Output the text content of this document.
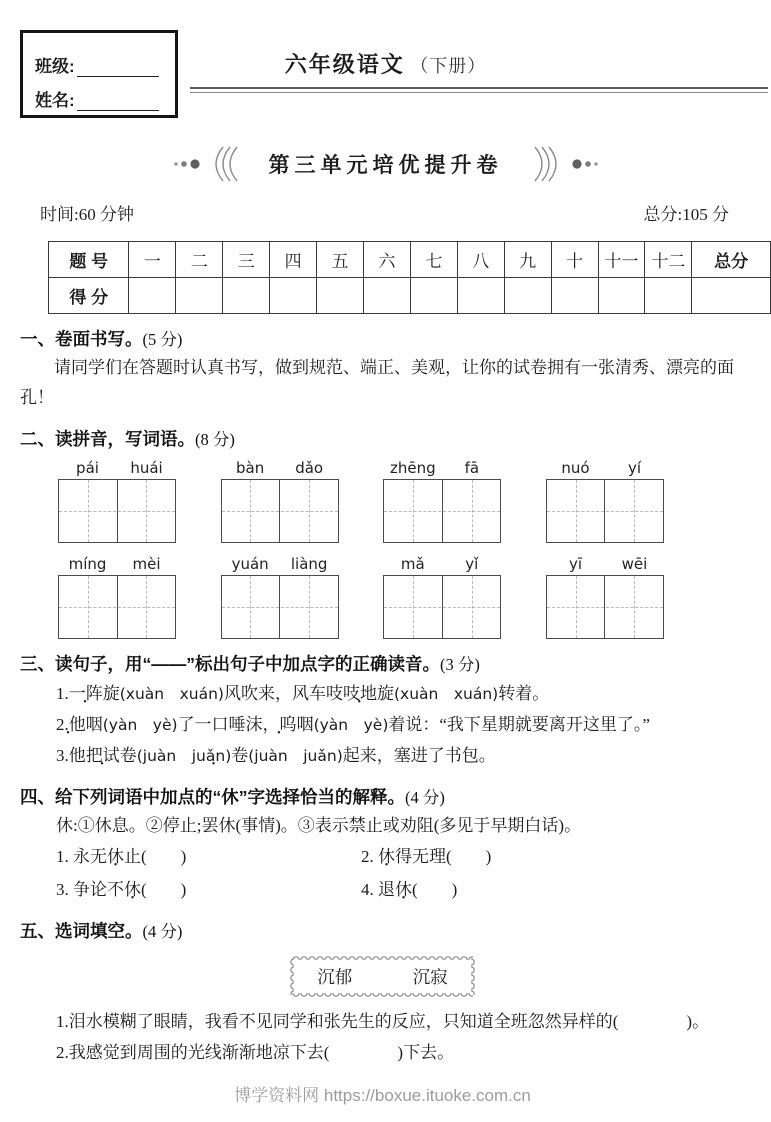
班级:
姓名:
六年级语文 （下册）
第三单元培优提升卷
时间:60 分钟	总分:105 分
题 号	一	二	三	四	五	六	七	八	九	十	十一	十二	总分
得 分													
一、卷面书写。(5 分)

请同学们在答题时认真书写，做到规范、端正、美观，让你的试卷拥有一张清秀、漂亮的面孔！

二、读拼音，写词语。(8 分)
pái	huái	bàn	dǎo	zhēng	fā	nuó	yí
míng	mèi	yuán	liàng	mǎ	yǐ	yī	wēi
三、读句子，用“——”标出句子中加点字的正确读音。(3 分)
1.一阵旋(xuàn　xuán)风吹来，风车吱吱地旋(xuàn　xuán)转着。
2.他咽(yàn　yè)了一口唾沫，呜咽(yàn　yè)着说：“我下星期就要离开这里了。”
3.他把试卷(juàn　juǎn)卷(juàn　juǎn)起来，塞进了书包。
四、给下列词语中加点的“休”字选择恰当的解释。(4 分)
休:①休息。②停止;罢休(事情)。③表示禁止或劝阻(多见于早期白话)。
1. 永无休止(　　)	2. 休得无理(　　)
3. 争论不休(　　)	4. 退休(　　)
五、选词填空。(4 分)
沉郁	沉寂
1.泪水模糊了眼睛，我看不见同学和张先生的反应，只知道全班忽然异样的(　　　　)。
2.我感觉到周围的光线渐渐地凉下去(　　　　)下去。
博学资料网 https://boxue.ituoke.com.cn
